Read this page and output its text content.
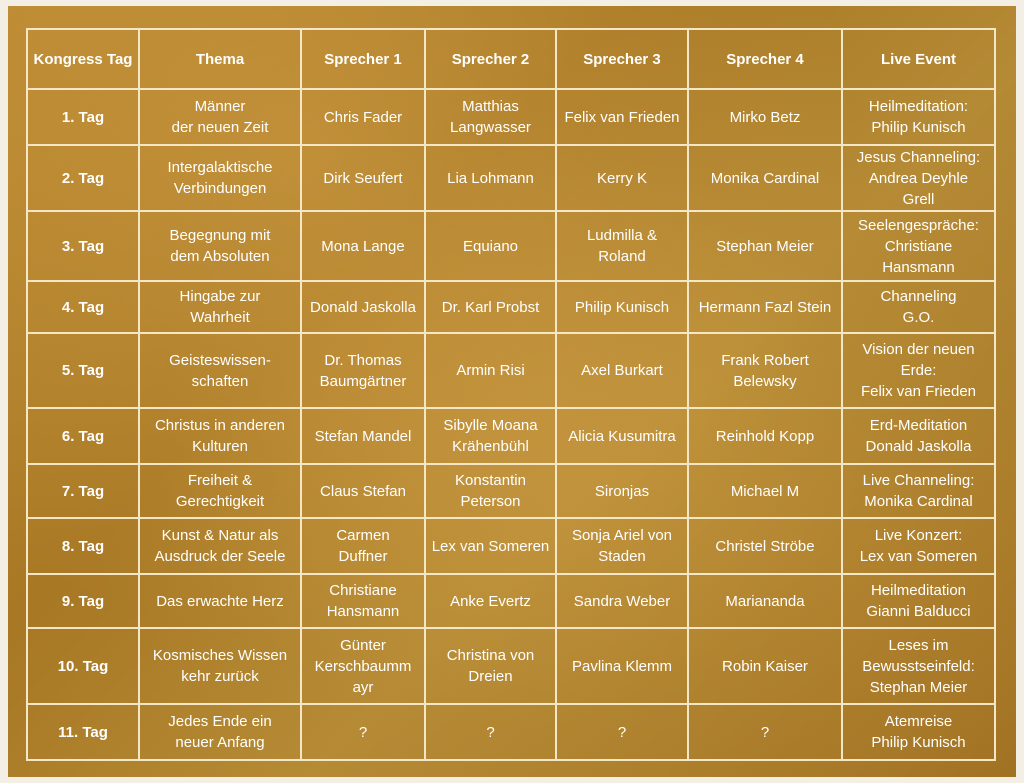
Kongress Tag	Thema	Sprecher 1	Sprecher 2	Sprecher 3	Sprecher 4	Live Event

1. Tag	Männer
der neuen Zeit	Chris Fader	Matthias
Langwasser	Felix van Frieden	Mirko Betz	Heilmeditation:
Philip Kunisch

2. Tag	Intergalaktische
Verbindungen	Dirk Seufert	Lia Lohmann	Kerry K	Monika Cardinal	Jesus Channeling:
Andrea Deyhle
Grell

3. Tag	Begegnung mit
dem Absoluten	Mona Lange	Equiano	Ludmilla &
Roland	Stephan Meier	Seelengespräche:
Christiane
Hansmann

4. Tag	Hingabe zur
Wahrheit	Donald Jaskolla	Dr. Karl Probst	Philip Kunisch	Hermann Fazl Stein	Channeling
G.O.

5. Tag	Geisteswissen-
schaften	Dr. Thomas
Baumgärtner	Armin Risi	Axel Burkart	Frank Robert
Belewsky	Vision der neuen
Erde:
Felix van Frieden

6. Tag	Christus in anderen
Kulturen	Stefan Mandel	Sibylle Moana
Krähenbühl	Alicia Kusumitra	Reinhold Kopp	Erd-Meditation
Donald Jaskolla

7. Tag	Freiheit &
Gerechtigkeit	Claus Stefan	Konstantin
Peterson	Sironjas	Michael M	Live Channeling:
Monika Cardinal

8. Tag	Kunst & Natur als
Ausdruck der Seele	Carmen
Duffner	Lex van Someren	Sonja Ariel von
Staden	Christel Ströbe	Live Konzert:
Lex van Someren

9. Tag	Das erwachte Herz	Christiane
Hansmann	Anke Evertz	Sandra Weber	Mariananda	Heilmeditation
Gianni Balducci

10. Tag	Kosmisches Wissen
kehr zurück	Günter
Kerschbaumm
ayr	Christina von
Dreien	Pavlina Klemm	Robin Kaiser	Leses im
Bewusstseinfeld:
Stephan Meier

11. Tag	Jedes Ende ein
neuer Anfang	?	?	?	?	Atemreise
Philip Kunisch
